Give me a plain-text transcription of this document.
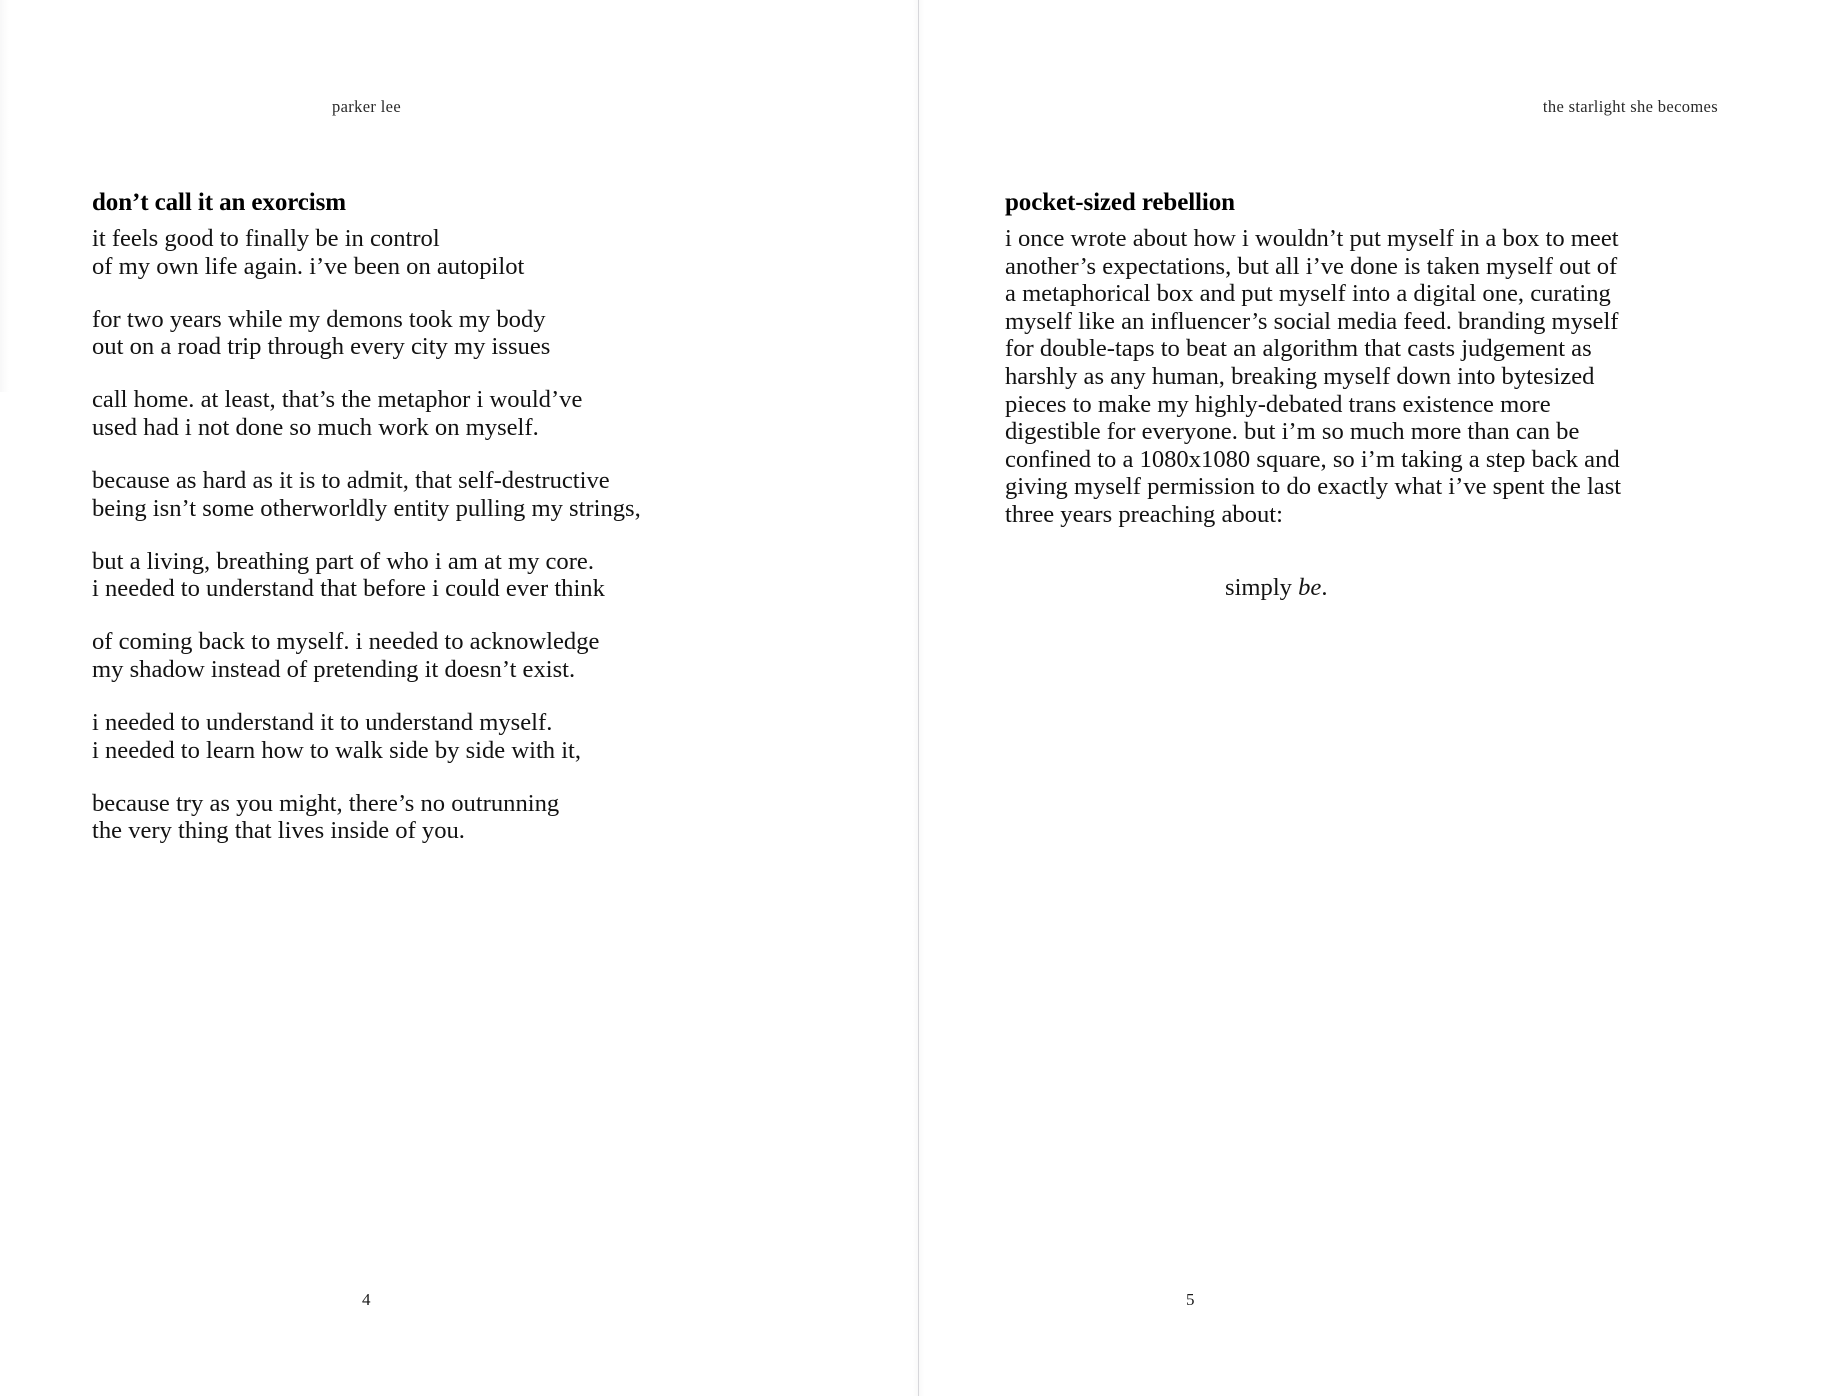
parker lee
don’t call it an exorcism
it feels good to finally be in control
of my own life again. i’ve been on autopilot
for two years while my demons took my body
out on a road trip through every city my issues
call home. at least, that’s the metaphor i would’ve
used had i not done so much work on myself.
because as hard as it is to admit, that self-destructive
being isn’t some otherworldly entity pulling my strings,
but a living, breathing part of who i am at my core.
i needed to understand that before i could ever think
of coming back to myself. i needed to acknowledge
my shadow instead of pretending it doesn’t exist.
i needed to understand it to understand myself.
i needed to learn how to walk side by side with it,
because try as you might, there’s no outrunning
the very thing that lives inside of you.
4
the starlight she becomes
pocket-sized rebellion

i once wrote about how i wouldn’t put myself in a box to meet
another’s expectations, but all i’ve done is taken myself out of
a metaphorical box and put myself into a digital one, curating
myself like an influencer’s social media feed. branding myself
for double-taps to beat an algorithm that casts judgement as
harshly as any human, breaking myself down into bytesized
pieces to make my highly-debated trans existence more
digestible for everyone. but i’m so much more than can be
confined to a 1080x1080 square, so i’m taking a step back and
giving myself permission to do exactly what i’ve spent the last
three years preaching about:

simply be.
5
